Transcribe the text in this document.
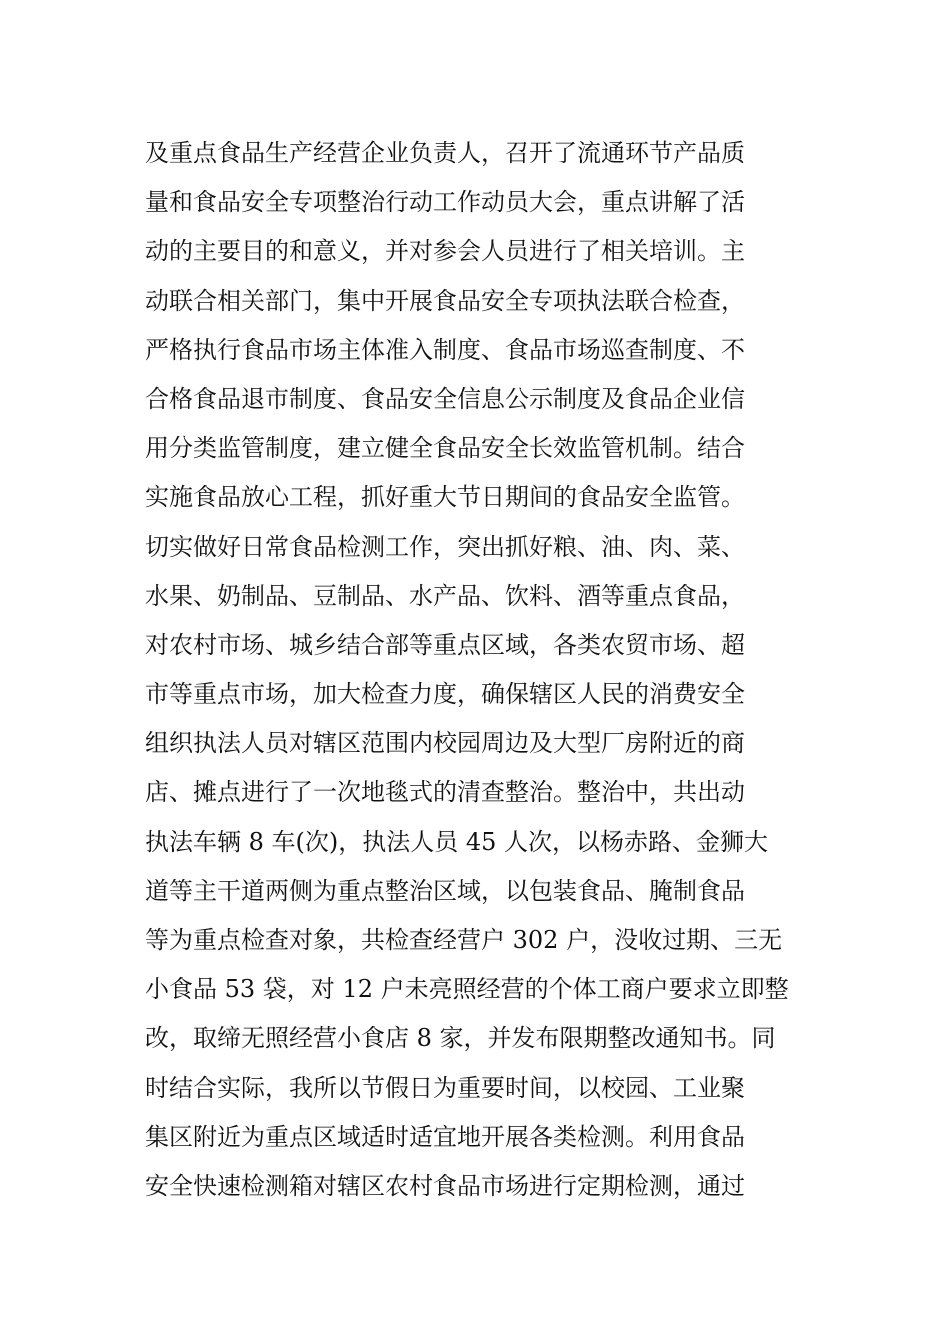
及重点食品生产经营企业负责人，召开了流通环节产品质
量和食品安全专项整治行动工作动员大会，重点讲解了活
动的主要目的和意义，并对参会人员进行了相关培训。主
动联合相关部门，集中开展食品安全专项执法联合检查，
严格执行食品市场主体准入制度、食品市场巡查制度、不
合格食品退市制度、食品安全信息公示制度及食品企业信
用分类监管制度，建立健全食品安全长效监管机制。结合
实施食品放心工程，抓好重大节日期间的食品安全监管。
切实做好日常食品检测工作，突出抓好粮、油、肉、菜、
水果、奶制品、豆制品、水产品、饮料、酒等重点食品，
对农村市场、城乡结合部等重点区域，各类农贸市场、超
市等重点市场，加大检查力度，确保辖区人民的消费安全
组织执法人员对辖区范围内校园周边及大型厂房附近的商
店、摊点进行了一次地毯式的清查整治。整治中，共出动
执法车辆 8 车(次)，执法人员 45 人次，以杨赤路、金狮大
道等主干道两侧为重点整治区域，以包装食品、腌制食品
等为重点检查对象，共检查经营户 302 户，没收过期、三无
小食品 53 袋，对 12 户未亮照经营的个体工商户要求立即整
改，取缔无照经营小食店 8 家，并发布限期整改通知书。同
时结合实际，我所以节假日为重要时间，以校园、工业聚
集区附近为重点区域适时适宜地开展各类检测。利用食品
安全快速检测箱对辖区农村食品市场进行定期检测，通过
